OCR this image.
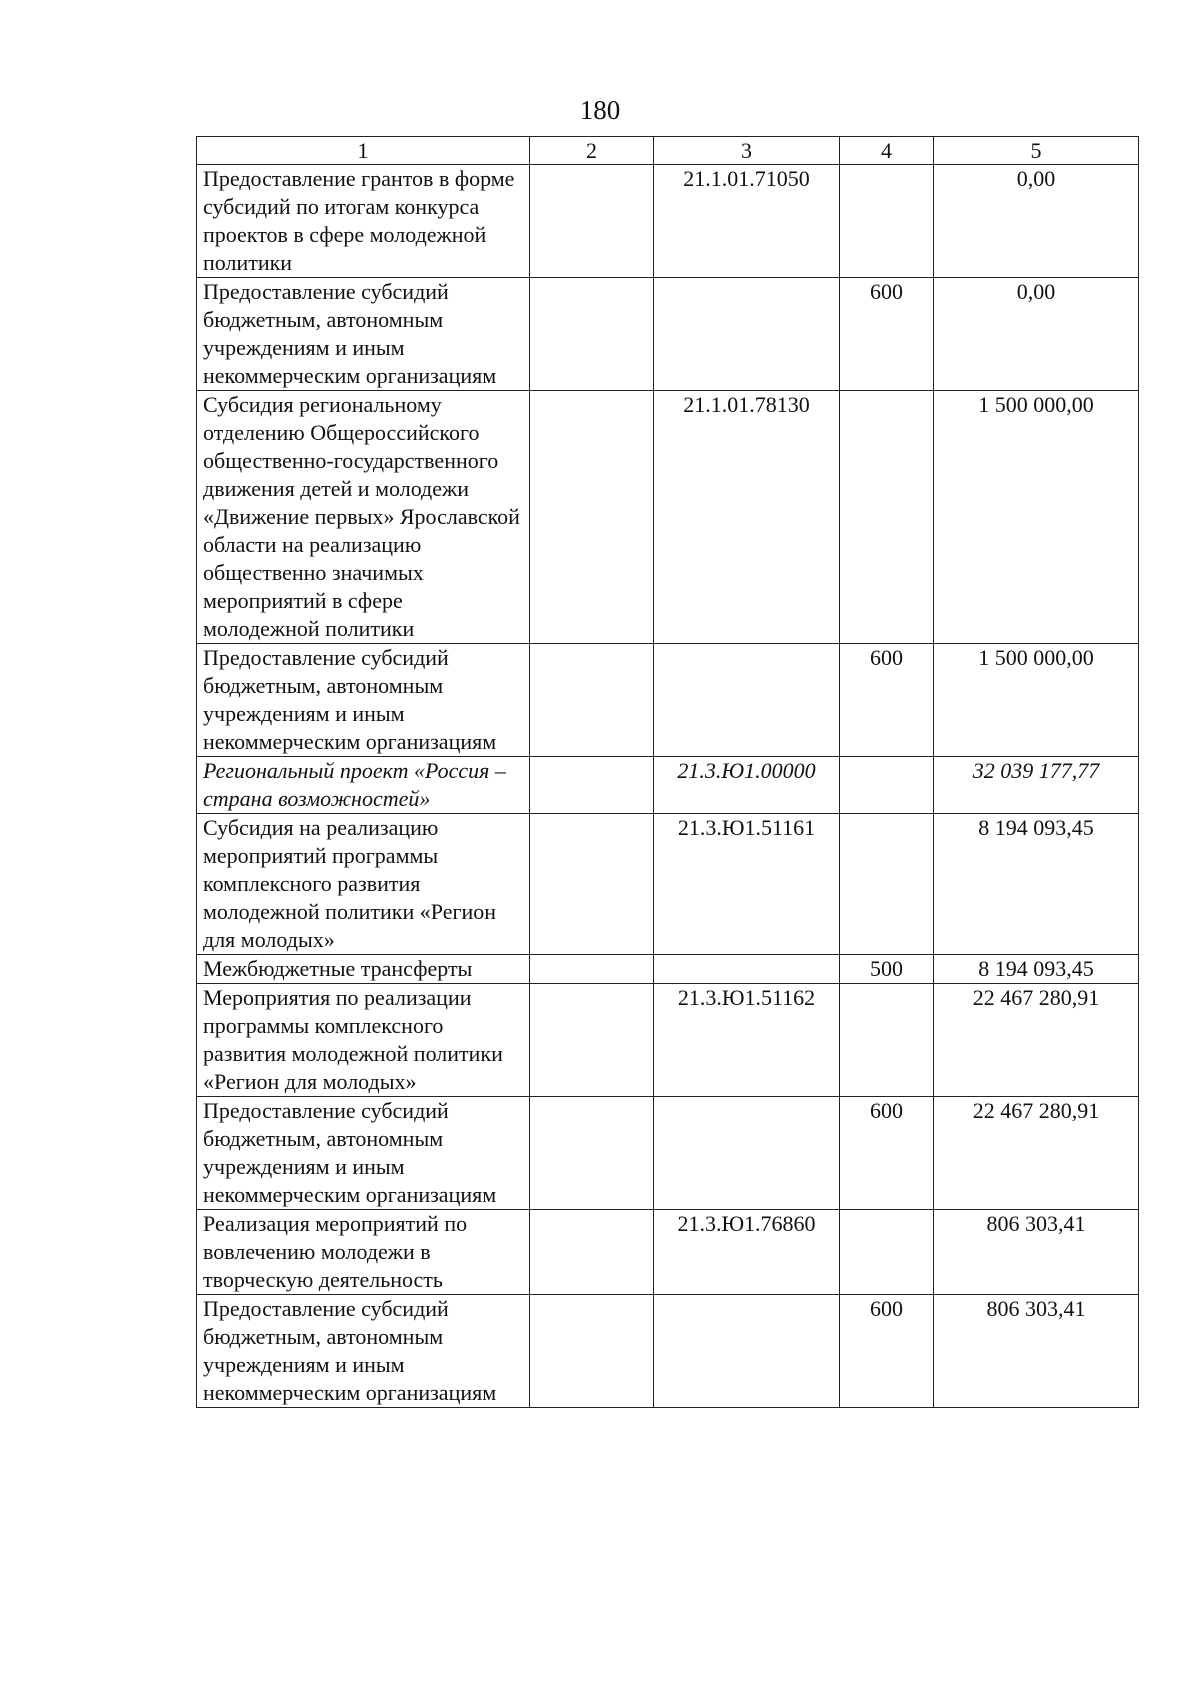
180
1	2	3	4	5
Предоставление грантов в форме субсидий по итогам конкурса проектов в сфере молодежной политики		21.1.01.71050		0,00
Предоставление субсидий бюджетным, автономным учреждениям и иным некоммерческим организациям			600	0,00
Субсидия региональному отделению Общероссийского общественно-государственного движения детей и молодежи «Движение первых» Ярославской области на реализацию общественно значимых мероприятий в сфере молодежной политики		21.1.01.78130		1 500 000,00
Предоставление субсидий бюджетным, автономным учреждениям и иным некоммерческим организациям			600	1 500 000,00
Региональный проект «Россия – страна возможностей»		21.3.Ю1.00000		32 039 177,77
Субсидия на реализацию мероприятий программы комплексного развития молодежной политики «Регион для молодых»		21.3.Ю1.51161		8 194 093,45
Межбюджетные трансферты			500	8 194 093,45
Мероприятия по реализации программы комплексного развития молодежной политики «Регион для молодых»		21.3.Ю1.51162		22 467 280,91
Предоставление субсидий бюджетным, автономным учреждениям и иным некоммерческим организациям			600	22 467 280,91
Реализация мероприятий по вовлечению молодежи в творческую деятельность		21.3.Ю1.76860		806 303,41
Предоставление субсидий бюджетным, автономным учреждениям и иным некоммерческим организациям			600	806 303,41
